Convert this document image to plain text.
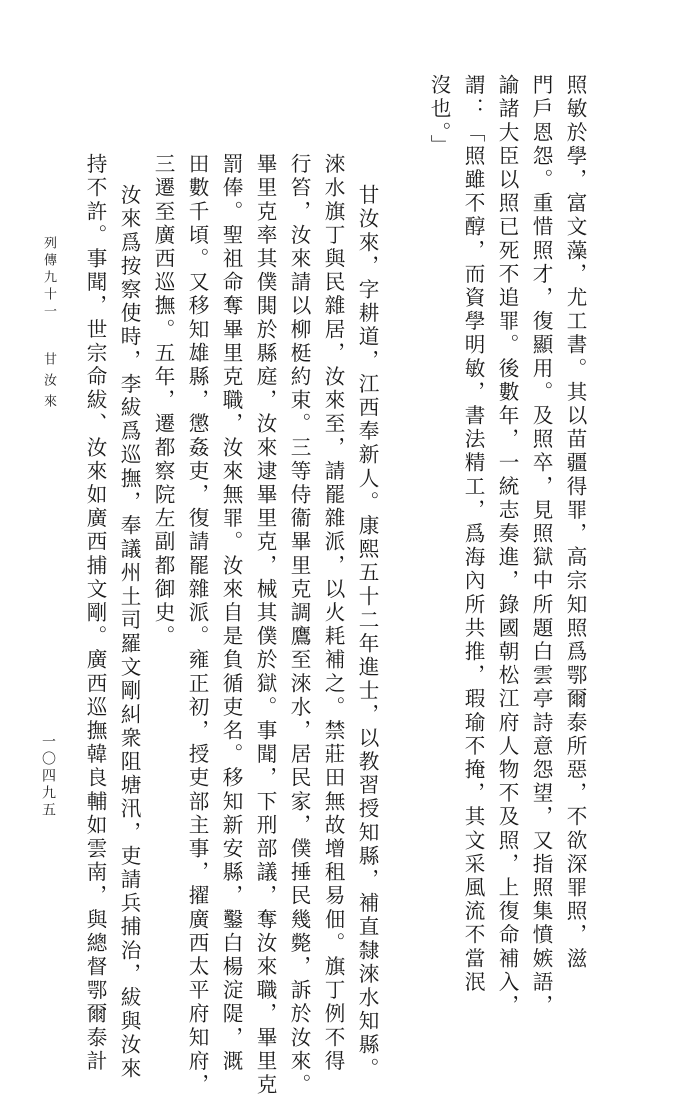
照敏於學，富文藻，尤工書。其以苗疆得罪，高宗知照爲鄂爾泰所惡，不欲深罪照，滋
門戶恩怨。重惜照才，復顯用。及照卒，見照獄中所題白雲亭詩意怨望，又指照集憤嫉語，
諭諸大臣以照已死不追罪。後數年，一統志奏進，錄國朝松江府人物不及照，上復命補入，
謂：「照雖不醇，而資學明敏，書法精工，爲海內所共推，瑕瑜不掩，其文采風流不當泯
沒也。」
甘汝來，字耕道，江西奉新人。康熙五十二年進士，以教習授知縣，補直隸淶水知縣。
淶水旗丁與民雜居，汝來至，請罷雜派，以火耗補之。禁莊田無故增租易佃。旗丁例不得
行笞，汝來請以柳梃約束。三等侍衞畢里克調鷹至淶水，居民家，僕捶民幾斃，訴於汝來。
畢里克率其僕閧於縣庭，汝來逮畢里克，械其僕於獄。事聞，下刑部議，奪汝來職，畢里克
罰俸。聖祖命奪畢里克職，汝來無罪。汝來自是負循吏名。移知新安縣，鑿白楊淀隄，溉
田數千頃。又移知雄縣，懲姦吏，復請罷雜派。雍正初，授吏部主事，擢廣西太平府知府，
三遷至廣西巡撫。五年，遷都察院左副都御史。
汝來爲按察使時，李紱爲巡撫，奉議州土司羅文剛糾衆阻塘汛，吏請兵捕治，紱與汝來
持不許。事聞，世宗命紱、汝來如廣西捕文剛。廣西巡撫韓良輔如雲南，與總督鄂爾泰計
列傳九十一
甘汝來
一〇四九五
